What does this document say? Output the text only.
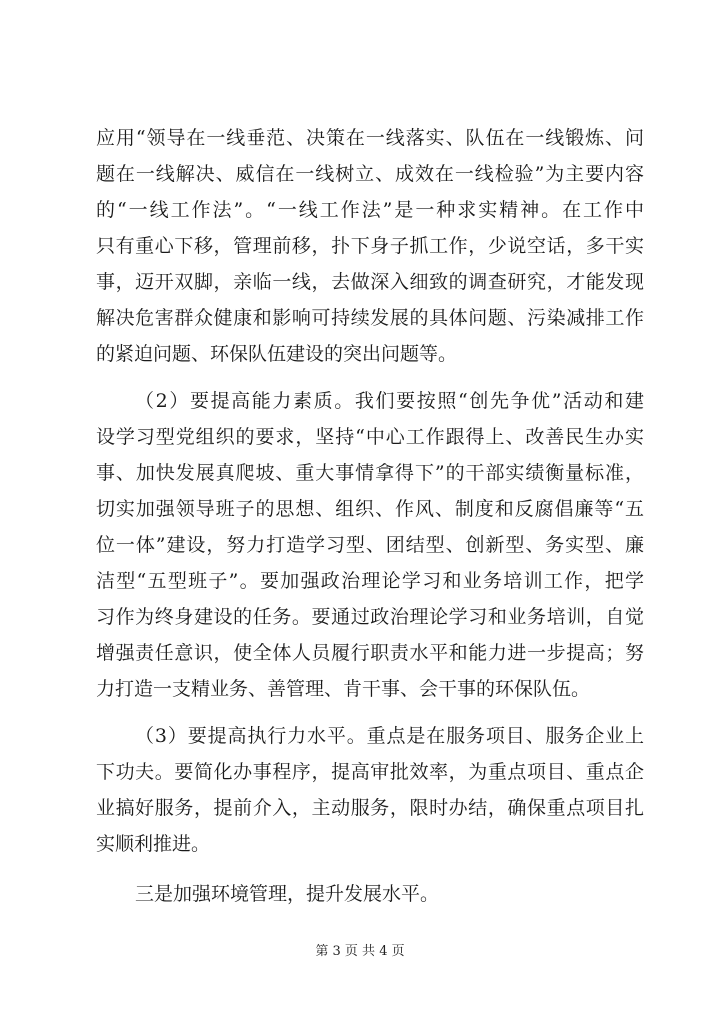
应用“领导在一线垂范、决策在一线落实、队伍在一线锻炼、问
题在一线解决、威信在一线树立、成效在一线检验”为主要内容
的“一线工作法”。“一线工作法”是一种求实精神。在工作中
只有重心下移，管理前移，扑下身子抓工作，少说空话，多干实
事，迈开双脚，亲临一线，去做深入细致的调查研究，才能发现
解决危害群众健康和影响可持续发展的具体问题、污染减排工作
的紧迫问题、环保队伍建设的突出问题等。
（2）要提高能力素质。我们要按照“创先争优”活动和建
设学习型党组织的要求，坚持“中心工作跟得上、改善民生办实
事、加快发展真爬坡、重大事情拿得下”的干部实绩衡量标准，
切实加强领导班子的思想、组织、作风、制度和反腐倡廉等“五
位一体”建设，努力打造学习型、团结型、创新型、务实型、廉
洁型“五型班子”。要加强政治理论学习和业务培训工作，把学
习作为终身建设的任务。要通过政治理论学习和业务培训，自觉
增强责任意识，使全体人员履行职责水平和能力进一步提高；努
力打造一支精业务、善管理、肯干事、会干事的环保队伍。
（3）要提高执行力水平。重点是在服务项目、服务企业上
下功夫。要简化办事程序，提高审批效率，为重点项目、重点企
业搞好服务，提前介入，主动服务，限时办结，确保重点项目扎
实顺利推进。
三是加强环境管理，提升发展水平。
第 3 页 共 4 页
